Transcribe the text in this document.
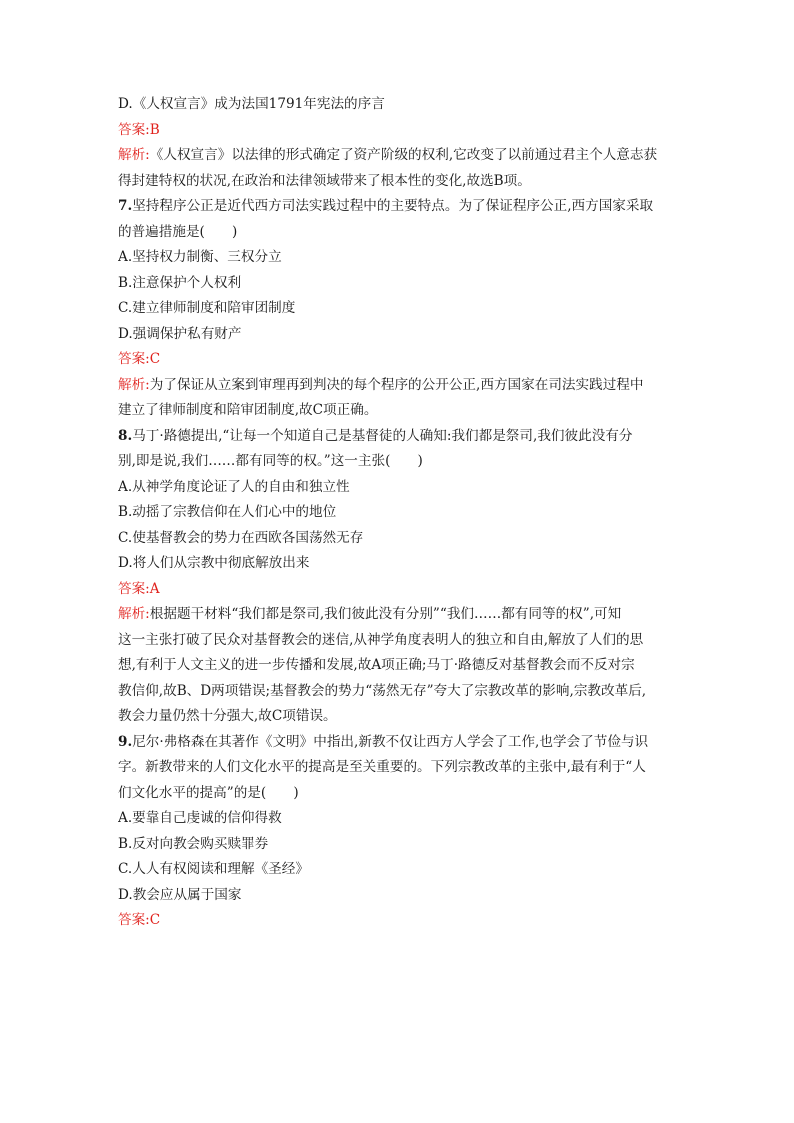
D.《人权宣言》成为法国1791年宪法的序言
答案:B
解析:《人权宣言》以法律的形式确定了资产阶级的权利,它改变了以前通过君主个人意志获
得封建特权的状况,在政治和法律领域带来了根本性的变化,故选B项。
7.坚持程序公正是近代西方司法实践过程中的主要特点。为了保证程序公正,西方国家采取
的普遍措施是(　　)
A.坚持权力制衡、三权分立
B.注意保护个人权利
C.建立律师制度和陪审团制度
D.强调保护私有财产
答案:C
解析:为了保证从立案到审理再到判决的每个程序的公开公正,西方国家在司法实践过程中
建立了律师制度和陪审团制度,故C项正确。
8.马丁·路德提出,“让每一个知道自己是基督徒的人确知:我们都是祭司,我们彼此没有分
别,即是说,我们……都有同等的权。”这一主张(　　)
A.从神学角度论证了人的自由和独立性
B.动摇了宗教信仰在人们心中的地位
C.使基督教会的势力在西欧各国荡然无存
D.将人们从宗教中彻底解放出来
答案:A
解析:根据题干材料“我们都是祭司,我们彼此没有分别”“我们……都有同等的权”,可知
这一主张打破了民众对基督教会的迷信,从神学角度表明人的独立和自由,解放了人们的思
想,有利于人文主义的进一步传播和发展,故A项正确;马丁·路德反对基督教会而不反对宗
教信仰,故B、D两项错误;基督教会的势力“荡然无存”夸大了宗教改革的影响,宗教改革后,
教会力量仍然十分强大,故C项错误。
9.尼尔·弗格森在其著作《文明》中指出,新教不仅让西方人学会了工作,也学会了节俭与识
字。新教带来的人们文化水平的提高是至关重要的。下列宗教改革的主张中,最有利于“人
们文化水平的提高”的是(　　)
A.要靠自己虔诚的信仰得救
B.反对向教会购买赎罪券
C.人人有权阅读和理解《圣经》
D.教会应从属于国家
答案:C
